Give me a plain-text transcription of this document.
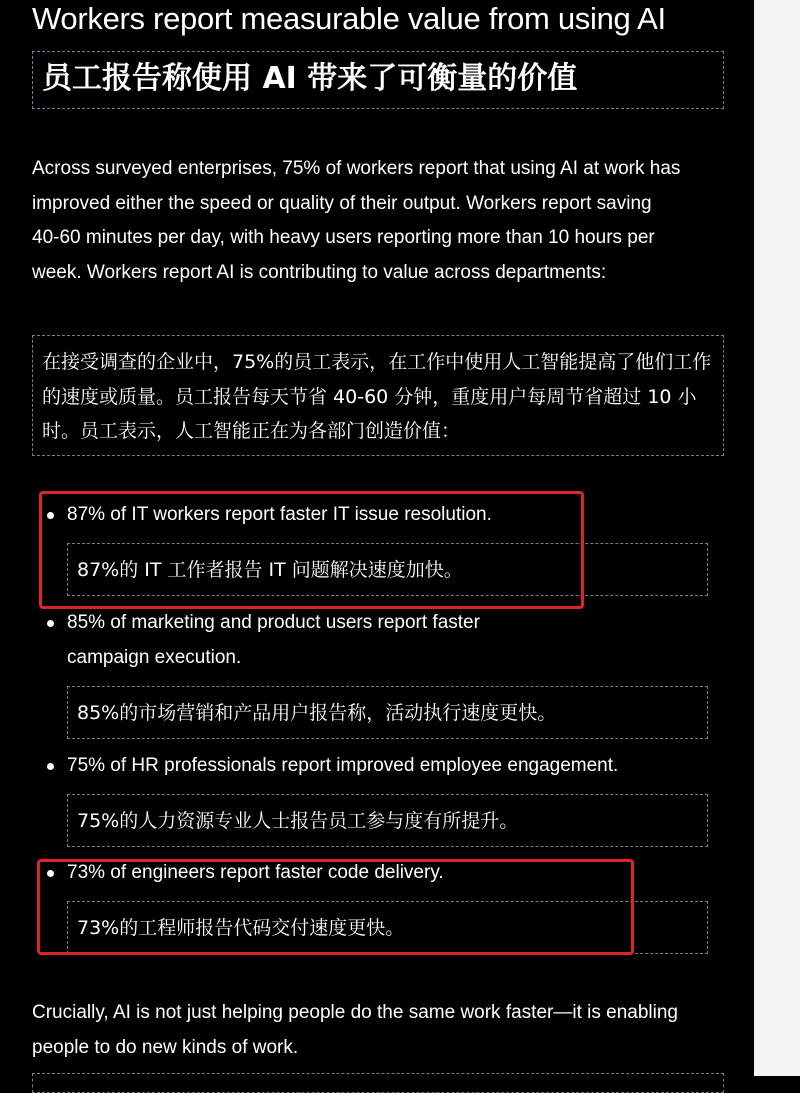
Workers report measurable value from using AI
员工报告称使用 AI 带来了可衡量的价值
Across surveyed enterprises, 75% of workers report that using AI at work has improved either the speed or quality of their output. Workers report saving 40-60 minutes per day, with heavy users reporting more than 10 hours per week. Workers report AI is contributing to value across departments:
在接受调查的企业中，75%的员工表示，在工作中使用人工智能提高了他们工作的速度或质量。员工报告每天节省 40-60 分钟，重度用户每周节省超过 10 小时。员工表示，人工智能正在为各部门创造价值：
87% of IT workers report faster IT issue resolution.
87%的 IT 工作者报告 IT 问题解决速度加快。
85% of marketing and product users report faster campaign execution.
85%的市场营销和产品用户报告称，活动执行速度更快。
75% of HR professionals report improved employee engagement.
75%的人力资源专业人士报告员工参与度有所提升。
73% of engineers report faster code delivery.
73%的工程师报告代码交付速度更快。
Crucially, AI is not just helping people do the same work faster—it is enabling people to do new kinds of work.
